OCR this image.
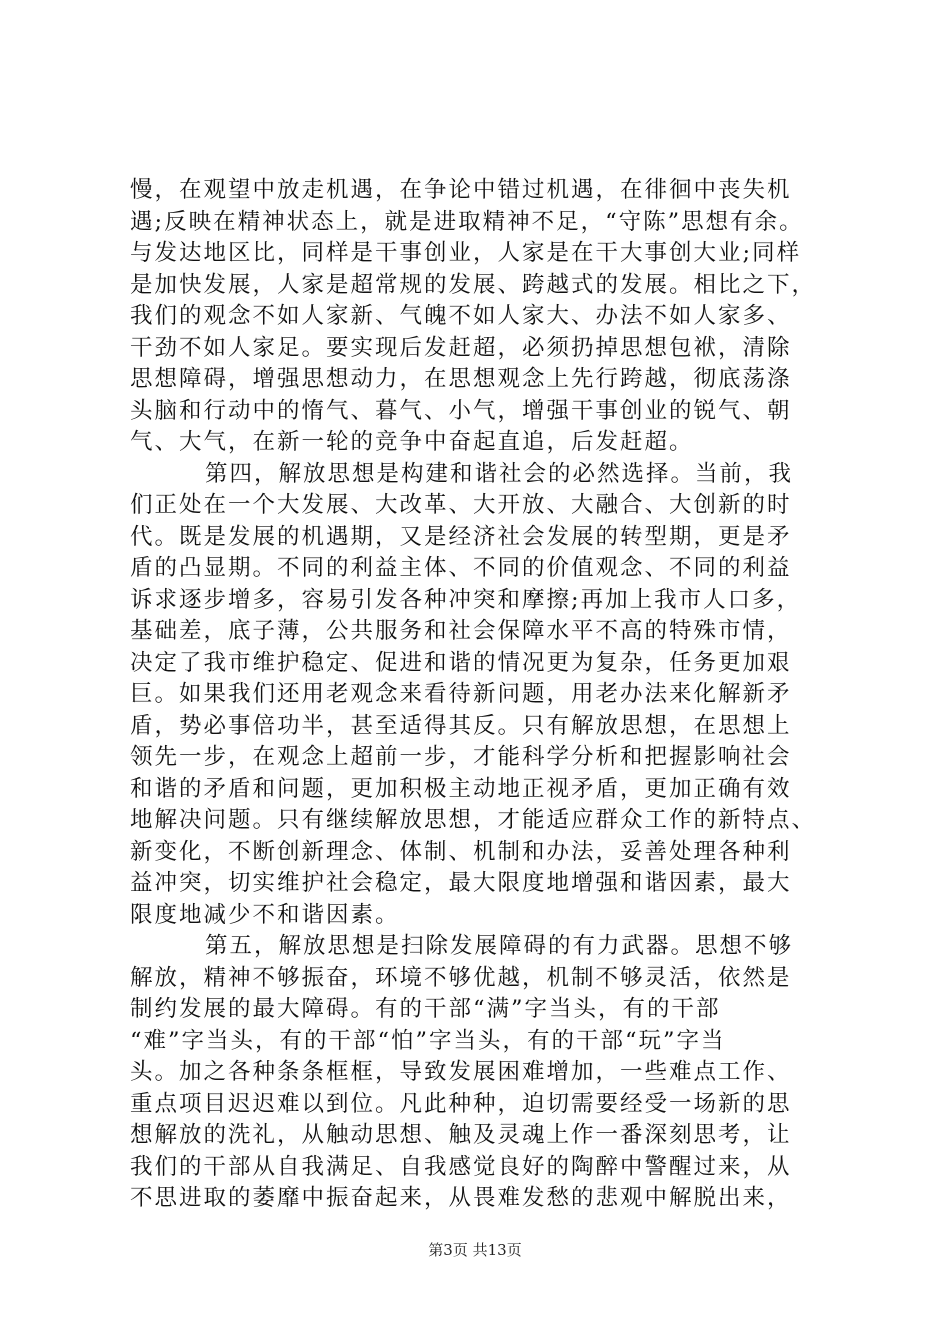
慢，在观望中放走机遇，在争论中错过机遇，在徘徊中丧失机
遇;反映在精神状态上，就是进取精神不足，“守陈”思想有余。
与发达地区比，同样是干事创业，人家是在干大事创大业;同样
是加快发展，人家是超常规的发展、跨越式的发展。相比之下，
我们的观念不如人家新、气魄不如人家大、办法不如人家多、
干劲不如人家足。要实现后发赶超，必须扔掉思想包袱，清除
思想障碍，增强思想动力，在思想观念上先行跨越，彻底荡涤
头脑和行动中的惰气、暮气、小气，增强干事创业的锐气、朝
气、大气，在新一轮的竞争中奋起直追，后发赶超。
第四，解放思想是构建和谐社会的必然选择。当前，我
们正处在一个大发展、大改革、大开放、大融合、大创新的时
代。既是发展的机遇期，又是经济社会发展的转型期，更是矛
盾的凸显期。不同的利益主体、不同的价值观念、不同的利益
诉求逐步增多，容易引发各种冲突和摩擦;再加上我市人口多，
基础差，底子薄，公共服务和社会保障水平不高的特殊市情，
决定了我市维护稳定、促进和谐的情况更为复杂，任务更加艰
巨。如果我们还用老观念来看待新问题，用老办法来化解新矛
盾，势必事倍功半，甚至适得其反。只有解放思想，在思想上
领先一步，在观念上超前一步，才能科学分析和把握影响社会
和谐的矛盾和问题，更加积极主动地正视矛盾，更加正确有效
地解决问题。只有继续解放思想，才能适应群众工作的新特点、
新变化，不断创新理念、体制、机制和办法，妥善处理各种利
益冲突，切实维护社会稳定，最大限度地增强和谐因素，最大
限度地减少不和谐因素。
第五，解放思想是扫除发展障碍的有力武器。思想不够
解放，精神不够振奋，环境不够优越，机制不够灵活，依然是
制约发展的最大障碍。有的干部“满”字当头，有的干部
“难”字当头，有的干部“怕”字当头，有的干部“玩”字当
头。加之各种条条框框，导致发展困难增加，一些难点工作、
重点项目迟迟难以到位。凡此种种，迫切需要经受一场新的思
想解放的洗礼，从触动思想、触及灵魂上作一番深刻思考，让
我们的干部从自我满足、自我感觉良好的陶醉中警醒过来，从
不思进取的萎靡中振奋起来，从畏难发愁的悲观中解脱出来，
第3页 共13页
